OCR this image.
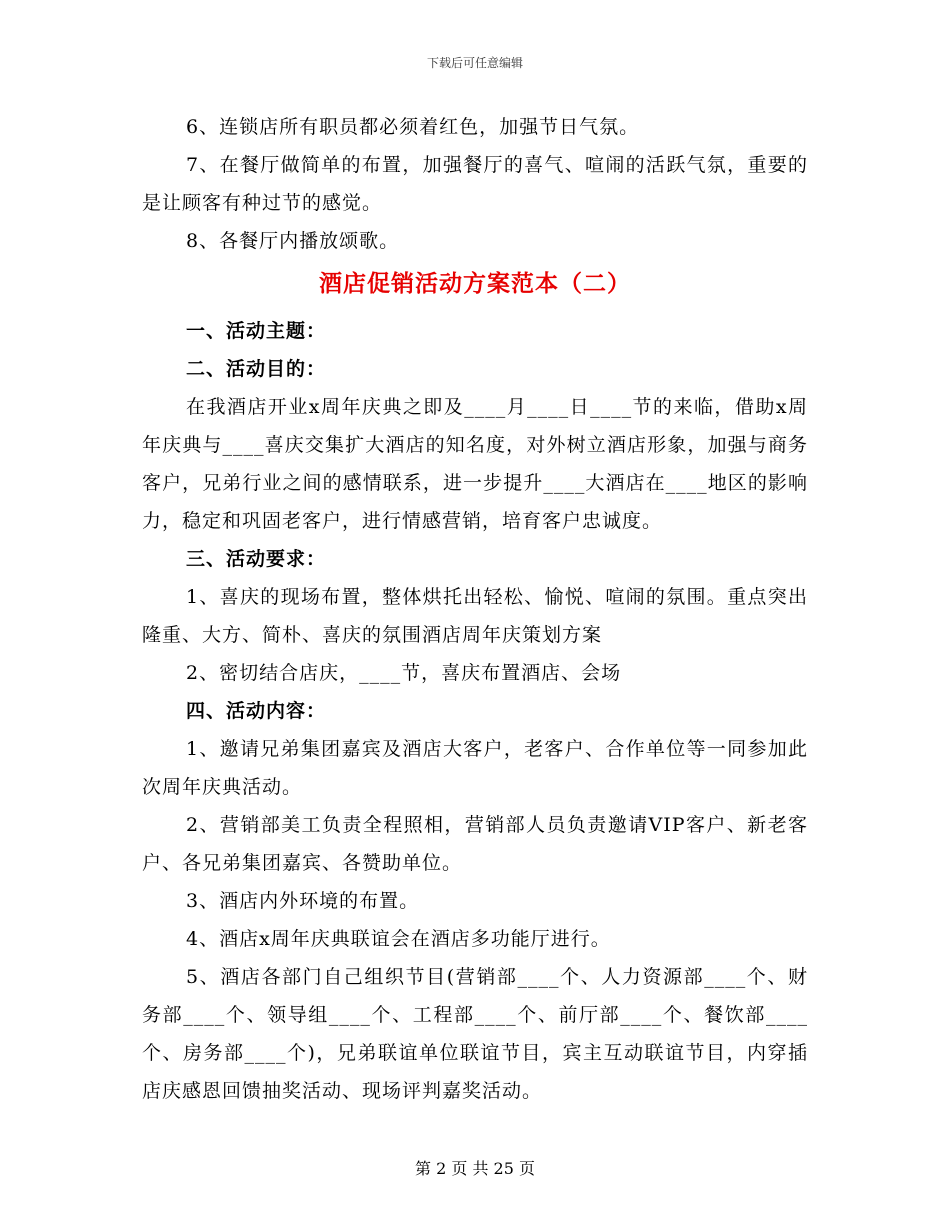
下载后可任意编辑

6、连锁店所有职员都必须着红色，加强节日气氛。

7、在餐厅做简单的布置，加强餐厅的喜气、喧闹的活跃气氛，重要的是让顾客有种过节的感觉。

8、各餐厅内播放颂歌。

酒店促销活动方案范本（二）

一、活动主题：

二、活动目的：

在我酒店开业x周年庆典之即及____月____日____节的来临，借助x周年庆典与____喜庆交集扩大酒店的知名度，对外树立酒店形象，加强与商务客户，兄弟行业之间的感情联系，进一步提升____大酒店在____地区的影响力，稳定和巩固老客户，进行情感营销，培育客户忠诚度。

三、活动要求：

1、喜庆的现场布置，整体烘托出轻松、愉悦、喧闹的氛围。重点突出隆重、大方、简朴、喜庆的氛围酒店周年庆策划方案

2、密切结合店庆，____节，喜庆布置酒店、会场

四、活动内容：

1、邀请兄弟集团嘉宾及酒店大客户，老客户、合作单位等一同参加此次周年庆典活动。

2、营销部美工负责全程照相，营销部人员负责邀请VIP客户、新老客户、各兄弟集团嘉宾、各赞助单位。

3、酒店内外环境的布置。

4、酒店x周年庆典联谊会在酒店多功能厅进行。

5、酒店各部门自己组织节目(营销部____个、人力资源部____个、财务部____个、领导组____个、工程部____个、前厅部____个、餐饮部____个、房务部____个)，兄弟联谊单位联谊节目，宾主互动联谊节目，内穿插店庆感恩回馈抽奖活动、现场评判嘉奖活动。

第 2 页 共 25 页
